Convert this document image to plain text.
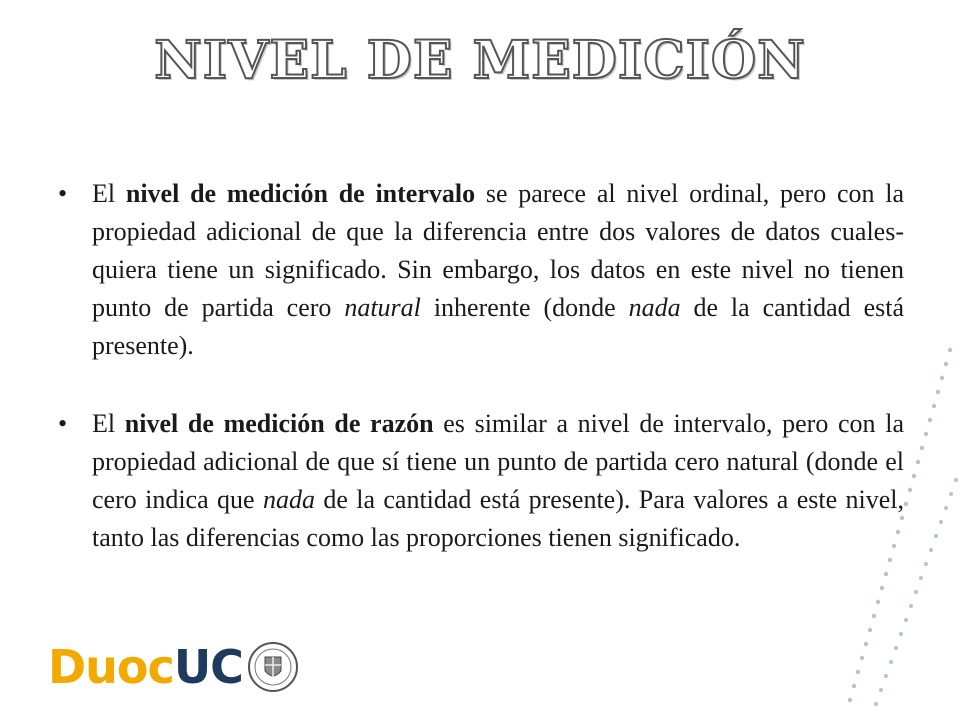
NIVEL DE MEDICIÓN
• El nivel de medición de intervalo se parece al nivel ordinal, pero con la propiedad adicional de que la diferencia entre dos valores de datos cuales- quiera tiene un significado. Sin embargo, los datos en este nivel no tienen punto de partida cero natural inherente (donde nada de la cantidad está presente).
• El nivel de medición de razón es similar a nivel de intervalo, pero con la propiedad adicional de que sí tiene un punto de partida cero natural (donde el cero indica que nada de la cantidad está presente). Para valores a este nivel, tanto las diferencias como las proporciones tienen significado.
Duoc UC
